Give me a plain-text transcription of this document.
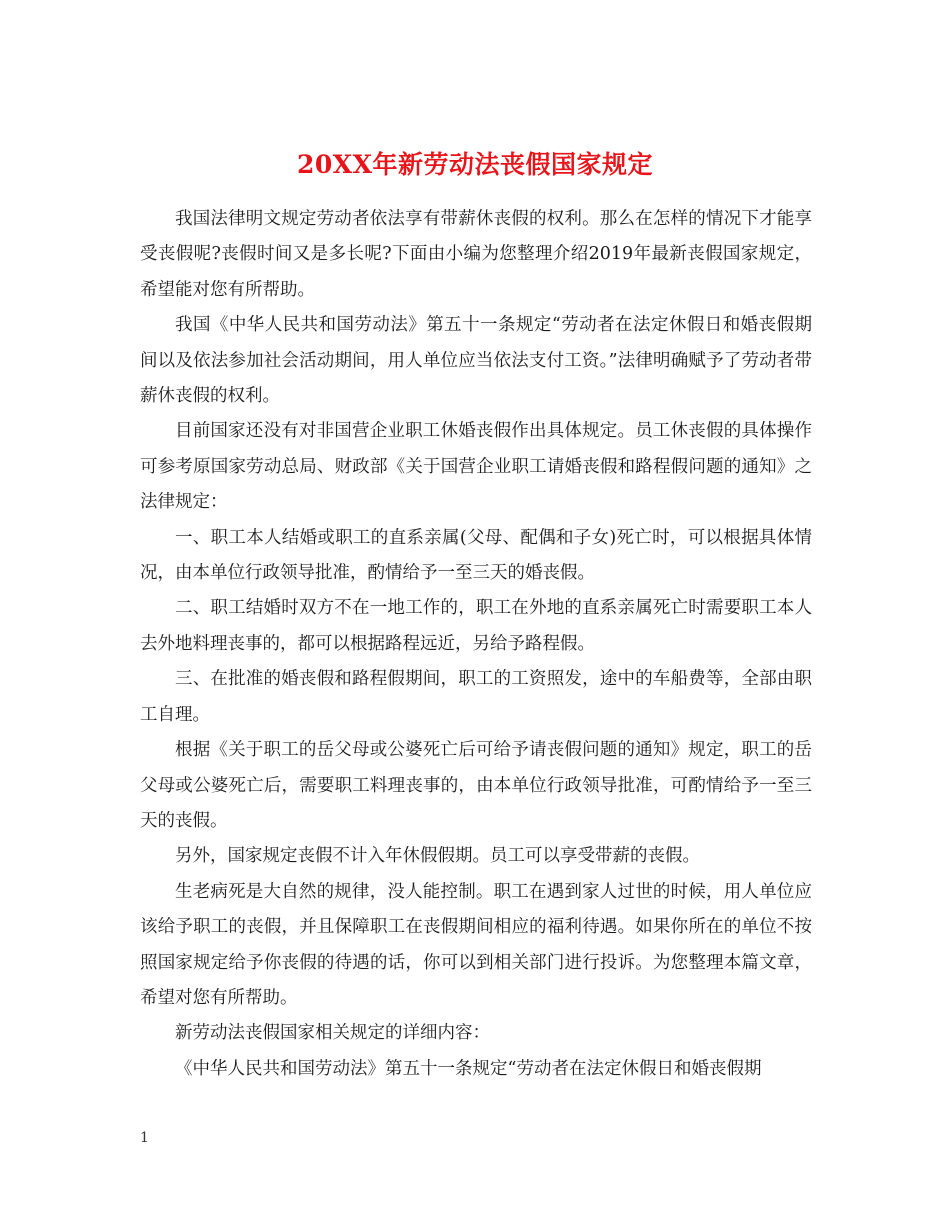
20XX年新劳动法丧假国家规定

我国法律明文规定劳动者依法享有带薪休丧假的权利。那么在怎样的情况下才能享受丧假呢?丧假时间又是多长呢?下面由小编为您整理介绍2019年最新丧假国家规定，希望能对您有所帮助。

我国《中华人民共和国劳动法》第五十一条规定“劳动者在法定休假日和婚丧假期间以及依法参加社会活动期间，用人单位应当依法支付工资。”法律明确赋予了劳动者带薪休丧假的权利。

目前国家还没有对非国营企业职工休婚丧假作出具体规定。员工休丧假的具体操作可参考原国家劳动总局、财政部《关于国营企业职工请婚丧假和路程假问题的通知》之法律规定：

一、职工本人结婚或职工的直系亲属(父母、配偶和子女)死亡时，可以根据具体情况，由本单位行政领导批准，酌情给予一至三天的婚丧假。

二、职工结婚时双方不在一地工作的，职工在外地的直系亲属死亡时需要职工本人去外地料理丧事的，都可以根据路程远近，另给予路程假。

三、在批准的婚丧假和路程假期间，职工的工资照发，途中的车船费等，全部由职工自理。

根据《关于职工的岳父母或公婆死亡后可给予请丧假问题的通知》规定，职工的岳父母或公婆死亡后，需要职工料理丧事的，由本单位行政领导批准，可酌情给予一至三天的丧假。

另外，国家规定丧假不计入年休假假期。员工可以享受带薪的丧假。

生老病死是大自然的规律，没人能控制。职工在遇到家人过世的时候，用人单位应该给予职工的丧假，并且保障职工在丧假期间相应的福利待遇。如果你所在的单位不按照国家规定给予你丧假的待遇的话，你可以到相关部门进行投诉。为您整理本篇文章，希望对您有所帮助。

新劳动法丧假国家相关规定的详细内容：

《中华人民共和国劳动法》第五十一条规定“劳动者在法定休假日和婚丧假期

1
